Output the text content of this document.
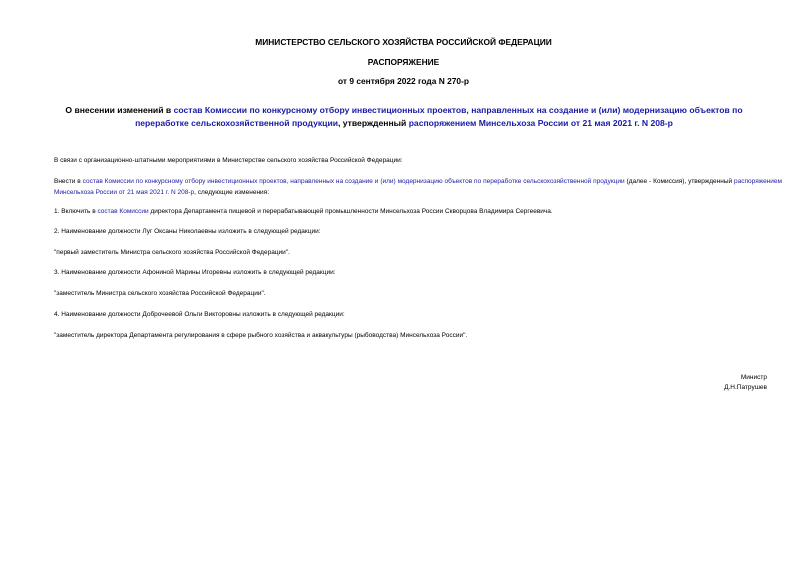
МИНИСТЕРСТВО СЕЛЬСКОГО ХОЗЯЙСТВА РОССИЙСКОЙ ФЕДЕРАЦИИ
РАСПОРЯЖЕНИЕ
от 9 сентября 2022 года N 270-р
О внесении изменений в состав Комиссии по конкурсному отбору инвестиционных проектов, направленных на создание и (или) модернизацию объектов по переработке сельскохозяйственной продукции, утвержденный распоряжением Минсельхоза России от 21 мая 2021 г. N 208-р
В связи с организационно-штатными мероприятиями в Министерстве сельского хозяйства Российской Федерации:
Внести в состав Комиссии по конкурсному отбору инвестиционных проектов, направленных на создание и (или) модернизацию объектов по переработке сельскохозяйственной продукции (далее - Комиссия), утвержденный распоряжением Минсельхоза России от 21 мая 2021 г. N 208-р, следующие изменения:
1. Включить в состав Комиссии директора Департамента пищевой и перерабатывающей промышленности Минсельхоза России Скворцова Владимира Сергеевича.
2. Наименование должности Луг Оксаны Николаевны изложить в следующей редакции:
"первый заместитель Министра сельского хозяйства Российской Федерации".
3. Наименование должности Афониной Марины Игоревны изложить в следующей редакции:
"заместитель Министра сельского хозяйства Российской Федерации".
4. Наименование должности Доброчеевой Ольги Викторовны изложить в следующей редакции:
"заместитель директора Департамента регулирования в сфере рыбного хозяйства и аквакультуры (рыбоводства) Минсельхоза России".
Министр
Д.Н.Патрушев
